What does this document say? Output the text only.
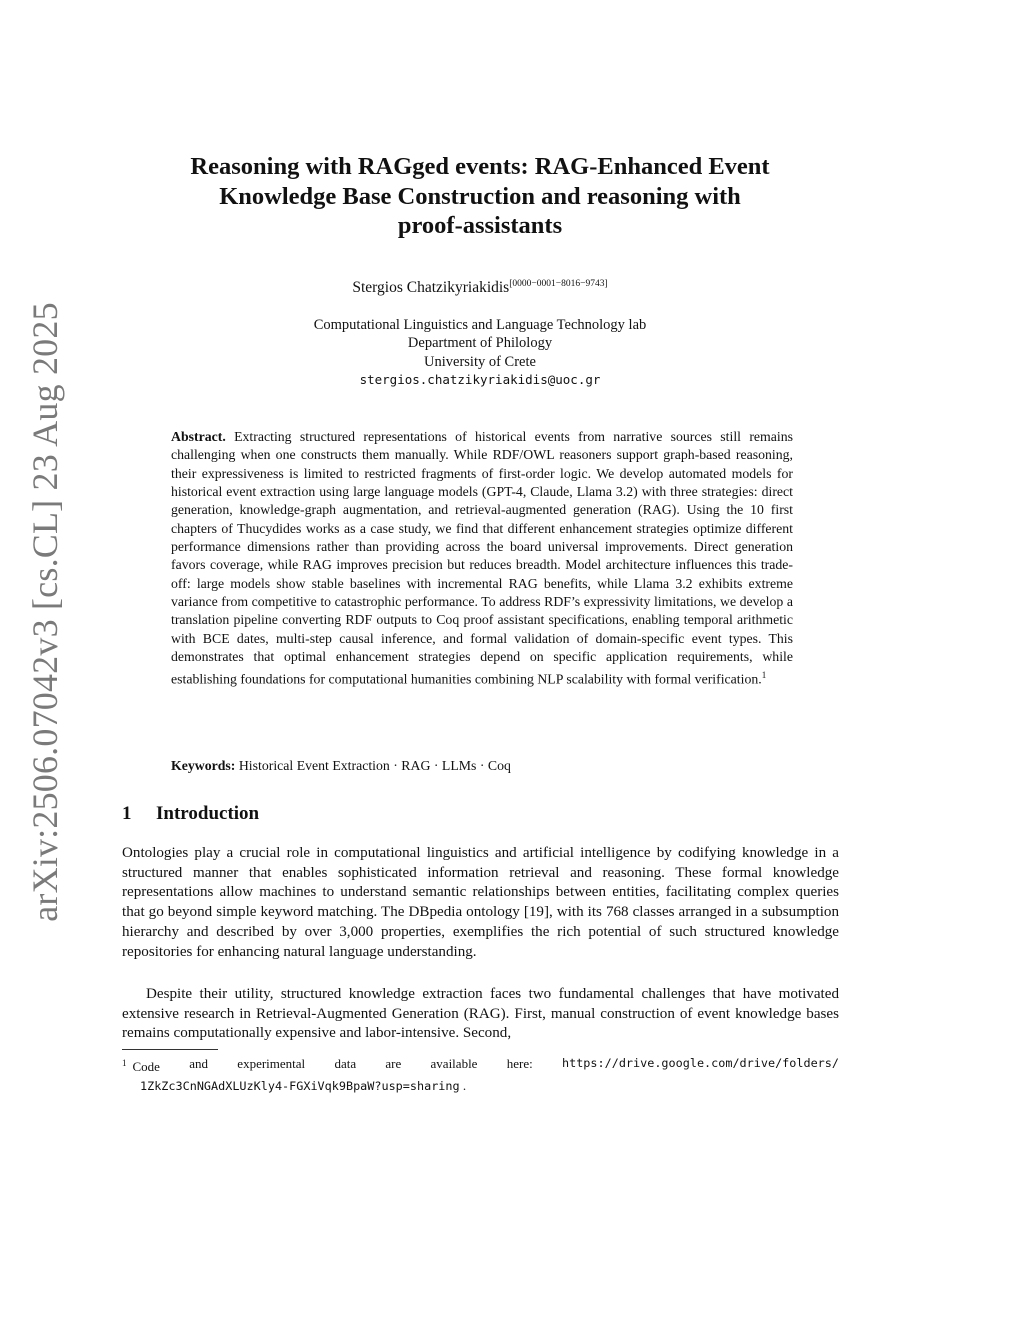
arXiv:2506.07042v3 [cs.CL] 23 Aug 2025
Reasoning with RAGged events: RAG-Enhanced Event
Knowledge Base Construction and reasoning with
proof-assistants
Stergios Chatzikyriakidis[0000−0001−8016−9743]
Computational Linguistics and Language Technology lab
Department of Philology
University of Crete
stergios.chatzikyriakidis@uoc.gr
Abstract. Extracting structured representations of historical events from narrative sources still remains challenging when one constructs them manually. While RDF/OWL reasoners support graph-based reasoning, their expressiveness is limited to restricted fragments of first-order logic. We develop automated models for historical event extraction using large language models (GPT-4, Claude, Llama 3.2) with three strategies: direct generation, knowledge-graph augmentation, and retrieval-augmented generation (RAG). Using the 10 first chapters of Thucydides works as a case study, we find that different enhancement strategies optimize different performance dimensions rather than providing across the board universal improvements. Direct generation favors coverage, while RAG improves precision but reduces breadth. Model architecture influences this trade-off: large models show stable baselines with incremental RAG benefits, while Llama 3.2 exhibits extreme variance from competitive to catastrophic performance. To address RDF’s expressivity limitations, we develop a translation pipeline converting RDF outputs to Coq proof assistant specifications, enabling temporal arithmetic with BCE dates, multi-step causal inference, and formal validation of domain-specific event types. This demonstrates that optimal enhancement strategies depend on specific application requirements, while establishing foundations for computational humanities combining NLP scalability with formal verification.$^1$
Keywords: Historical Event Extraction · RAG · LLMs · Coq
1 Introduction
Ontologies play a crucial role in computational linguistics and artificial intelligence by codifying knowledge in a structured manner that enables sophisticated information retrieval and reasoning. These formal knowledge representations allow machines to understand semantic relationships between entities, facilitating complex queries that go beyond simple keyword matching. The DBpedia ontology [19], with its 768 classes arranged in a subsumption hierarchy and described by over 3,000 properties, exemplifies the rich potential of such structured knowledge repositories for enhancing natural language understanding.
Despite their utility, structured knowledge extraction faces two fundamental challenges that have motivated extensive research in Retrieval-Augmented Generation (RAG). First, manual construction of event knowledge bases remains computationally expensive and labor-intensive. Second,
$^1$ Code and experimental data are available here: https://drive.google.com/drive/folders/
1ZkZc3CnNGAdXLUzKly4-FGXiVqk9BpaW?usp=sharing .
